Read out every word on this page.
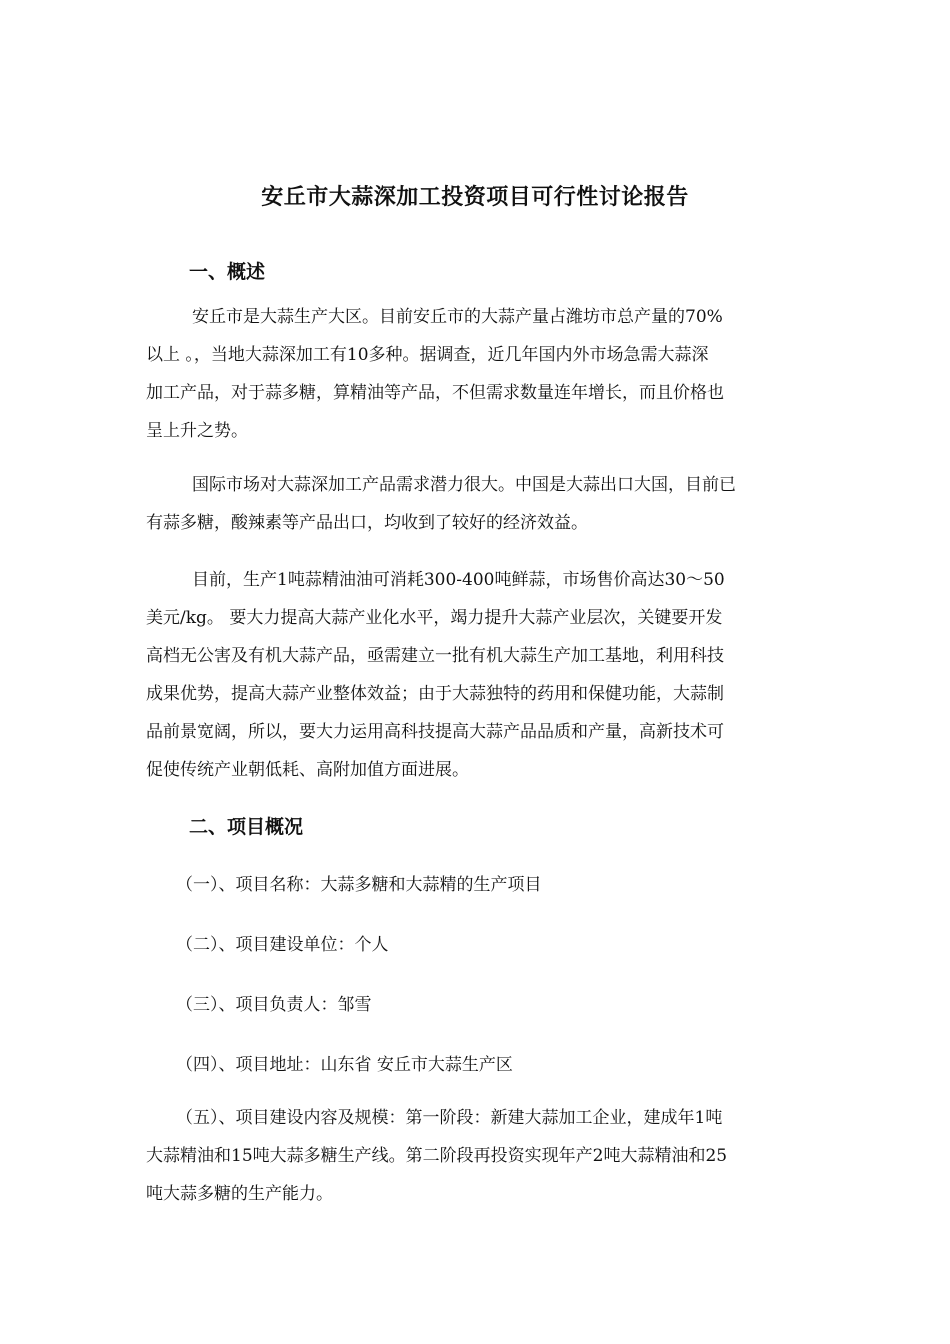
安丘市大蒜深加工投资项目可行性讨论报告
一、概述
安丘市是大蒜生产大区。目前安丘市的大蒜产量占潍坊市总产量的70%
以上 。，当地大蒜深加工有10多种。据调查，近几年国内外市场急需大蒜深
加工产品，对于蒜多糖，算精油等产品，不但需求数量连年增长，而且价格也
呈上升之势。
国际市场对大蒜深加工产品需求潜力很大。中国是大蒜出口大国，目前已
有蒜多糖，酸辣素等产品出口，均收到了较好的经济效益。
目前，生产1吨蒜精油油可消耗300-400吨鲜蒜，市场售价高达30～50
美元/kg。 要大力提高大蒜产业化水平，竭力提升大蒜产业层次，关键要开发
高档无公害及有机大蒜产品，亟需建立一批有机大蒜生产加工基地，利用科技
成果优势，提高大蒜产业整体效益；由于大蒜独特的药用和保健功能，大蒜制
品前景宽阔，所以，要大力运用高科技提高大蒜产品品质和产量，高新技术可
促使传统产业朝低耗、高附加值方面进展。
二、项目概况
（一）、项目名称：大蒜多糖和大蒜精的生产项目
（二）、项目建设单位：个人
（三）、项目负责人：邹雪
（四）、项目地址：山东省 安丘市大蒜生产区
（五）、项目建设内容及规模：第一阶段：新建大蒜加工企业，建成年1吨
大蒜精油和15吨大蒜多糖生产线。第二阶段再投资实现年产2吨大蒜精油和25
吨大蒜多糖的生产能力。
